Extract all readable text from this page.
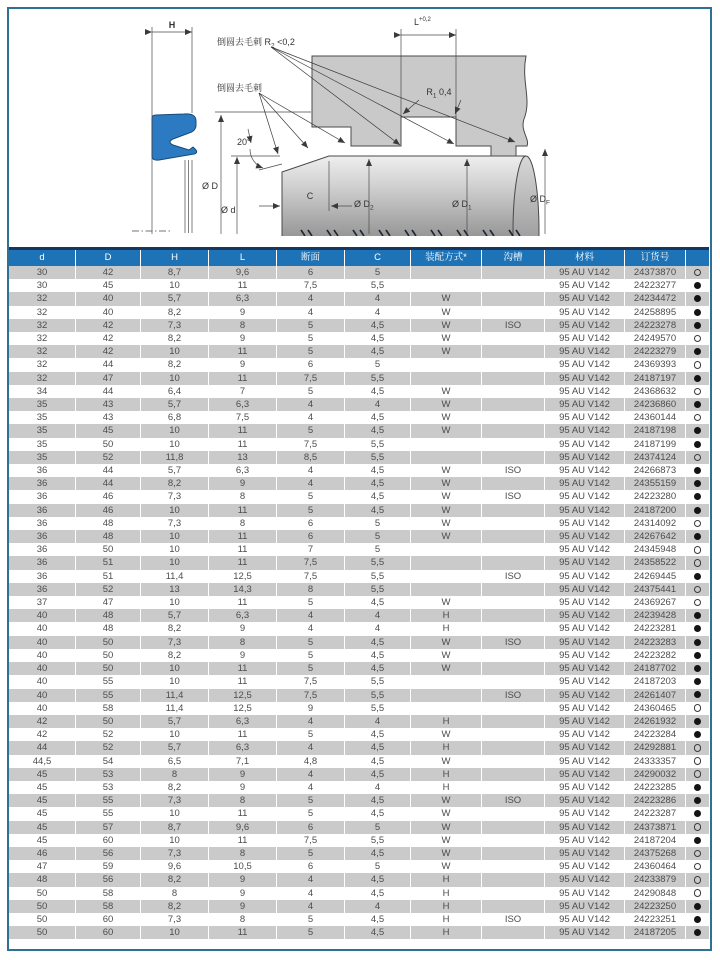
H
倒圆去毛刺 $R_2 <0,2$
倒圆去毛刺
$L^{+0,2}$
$R_1$ 0,4
20°
Ø D
Ø d
C
Ø $D_2$	Ø $D_1$
Ø $D_F$
d	D	H	L	断面	C	装配方式*	沟槽	材料	订货号	
30	42	8,7	9,6	6	5			95 AU V142	24373870	
30	45	10	11	7,5	5,5			95 AU V142	24223277	
32	40	5,7	6,3	4	4	W		95 AU V142	24234472	
32	40	8,2	9	4	4	W		95 AU V142	24258895	
32	42	7,3	8	5	4,5	W	ISO	95 AU V142	24223278	
32	42	8,2	9	5	4,5	W		95 AU V142	24249570	
32	42	10	11	5	4,5	W		95 AU V142	24223279	
32	44	8,2	9	6	5			95 AU V142	24369393	
32	47	10	11	7,5	5,5			95 AU V142	24187197	
34	44	6,4	7	5	4,5	W		95 AU V142	24368632	
35	43	5,7	6,3	4	4	W		95 AU V142	24236860	
35	43	6,8	7,5	4	4,5	W		95 AU V142	24360144	
35	45	10	11	5	4,5	W		95 AU V142	24187198	
35	50	10	11	7,5	5,5			95 AU V142	24187199	
35	52	11,8	13	8,5	5,5			95 AU V142	24374124	
36	44	5,7	6,3	4	4,5	W	ISO	95 AU V142	24266873	
36	44	8,2	9	4	4,5	W		95 AU V142	24355159	
36	46	7,3	8	5	4,5	W	ISO	95 AU V142	24223280	
36	46	10	11	5	4,5	W		95 AU V142	24187200	
36	48	7,3	8	6	5	W		95 AU V142	24314092	
36	48	10	11	6	5	W		95 AU V142	24267642	
36	50	10	11	7	5			95 AU V142	24345948	
36	51	10	11	7,5	5,5			95 AU V142	24358522	
36	51	11,4	12,5	7,5	5,5		ISO	95 AU V142	24269445	
36	52	13	14,3	8	5,5			95 AU V142	24375441	
37	47	10	11	5	4,5	W		95 AU V142	24369267	
40	48	5,7	6,3	4	4	H		95 AU V142	24239428	
40	48	8,2	9	4	4	H		95 AU V142	24223281	
40	50	7,3	8	5	4,5	W	ISO	95 AU V142	24223283	
40	50	8,2	9	5	4,5	W		95 AU V142	24223282	
40	50	10	11	5	4,5	W		95 AU V142	24187702	
40	55	10	11	7,5	5,5			95 AU V142	24187203	
40	55	11,4	12,5	7,5	5,5		ISO	95 AU V142	24261407	
40	58	11,4	12,5	9	5,5			95 AU V142	24360465	
42	50	5,7	6,3	4	4	H		95 AU V142	24261932	
42	52	10	11	5	4,5	W		95 AU V142	24223284	
44	52	5,7	6,3	4	4,5	H		95 AU V142	24292881	
44,5	54	6,5	7,1	4,8	4,5	W		95 AU V142	24333357	
45	53	8	9	4	4,5	H		95 AU V142	24290032	
45	53	8,2	9	4	4	H		95 AU V142	24223285	
45	55	7,3	8	5	4,5	W	ISO	95 AU V142	24223286	
45	55	10	11	5	4,5	W		95 AU V142	24223287	
45	57	8,7	9,6	6	5	W		95 AU V142	24373871	
45	60	10	11	7,5	5,5	W		95 AU V142	24187204	
46	56	7,3	8	5	4,5	W		95 AU V142	24375268	
47	59	9,6	10,5	6	5	W		95 AU V142	24360464	
48	56	8,2	9	4	4,5	H		95 AU V142	24233879	
50	58	8	9	4	4,5	H		95 AU V142	24290848	
50	58	8,2	9	4	4	H		95 AU V142	24223250	
50	60	7,3	8	5	4,5	H	ISO	95 AU V142	24223251	
50	60	10	11	5	4,5	H		95 AU V142	24187205	
